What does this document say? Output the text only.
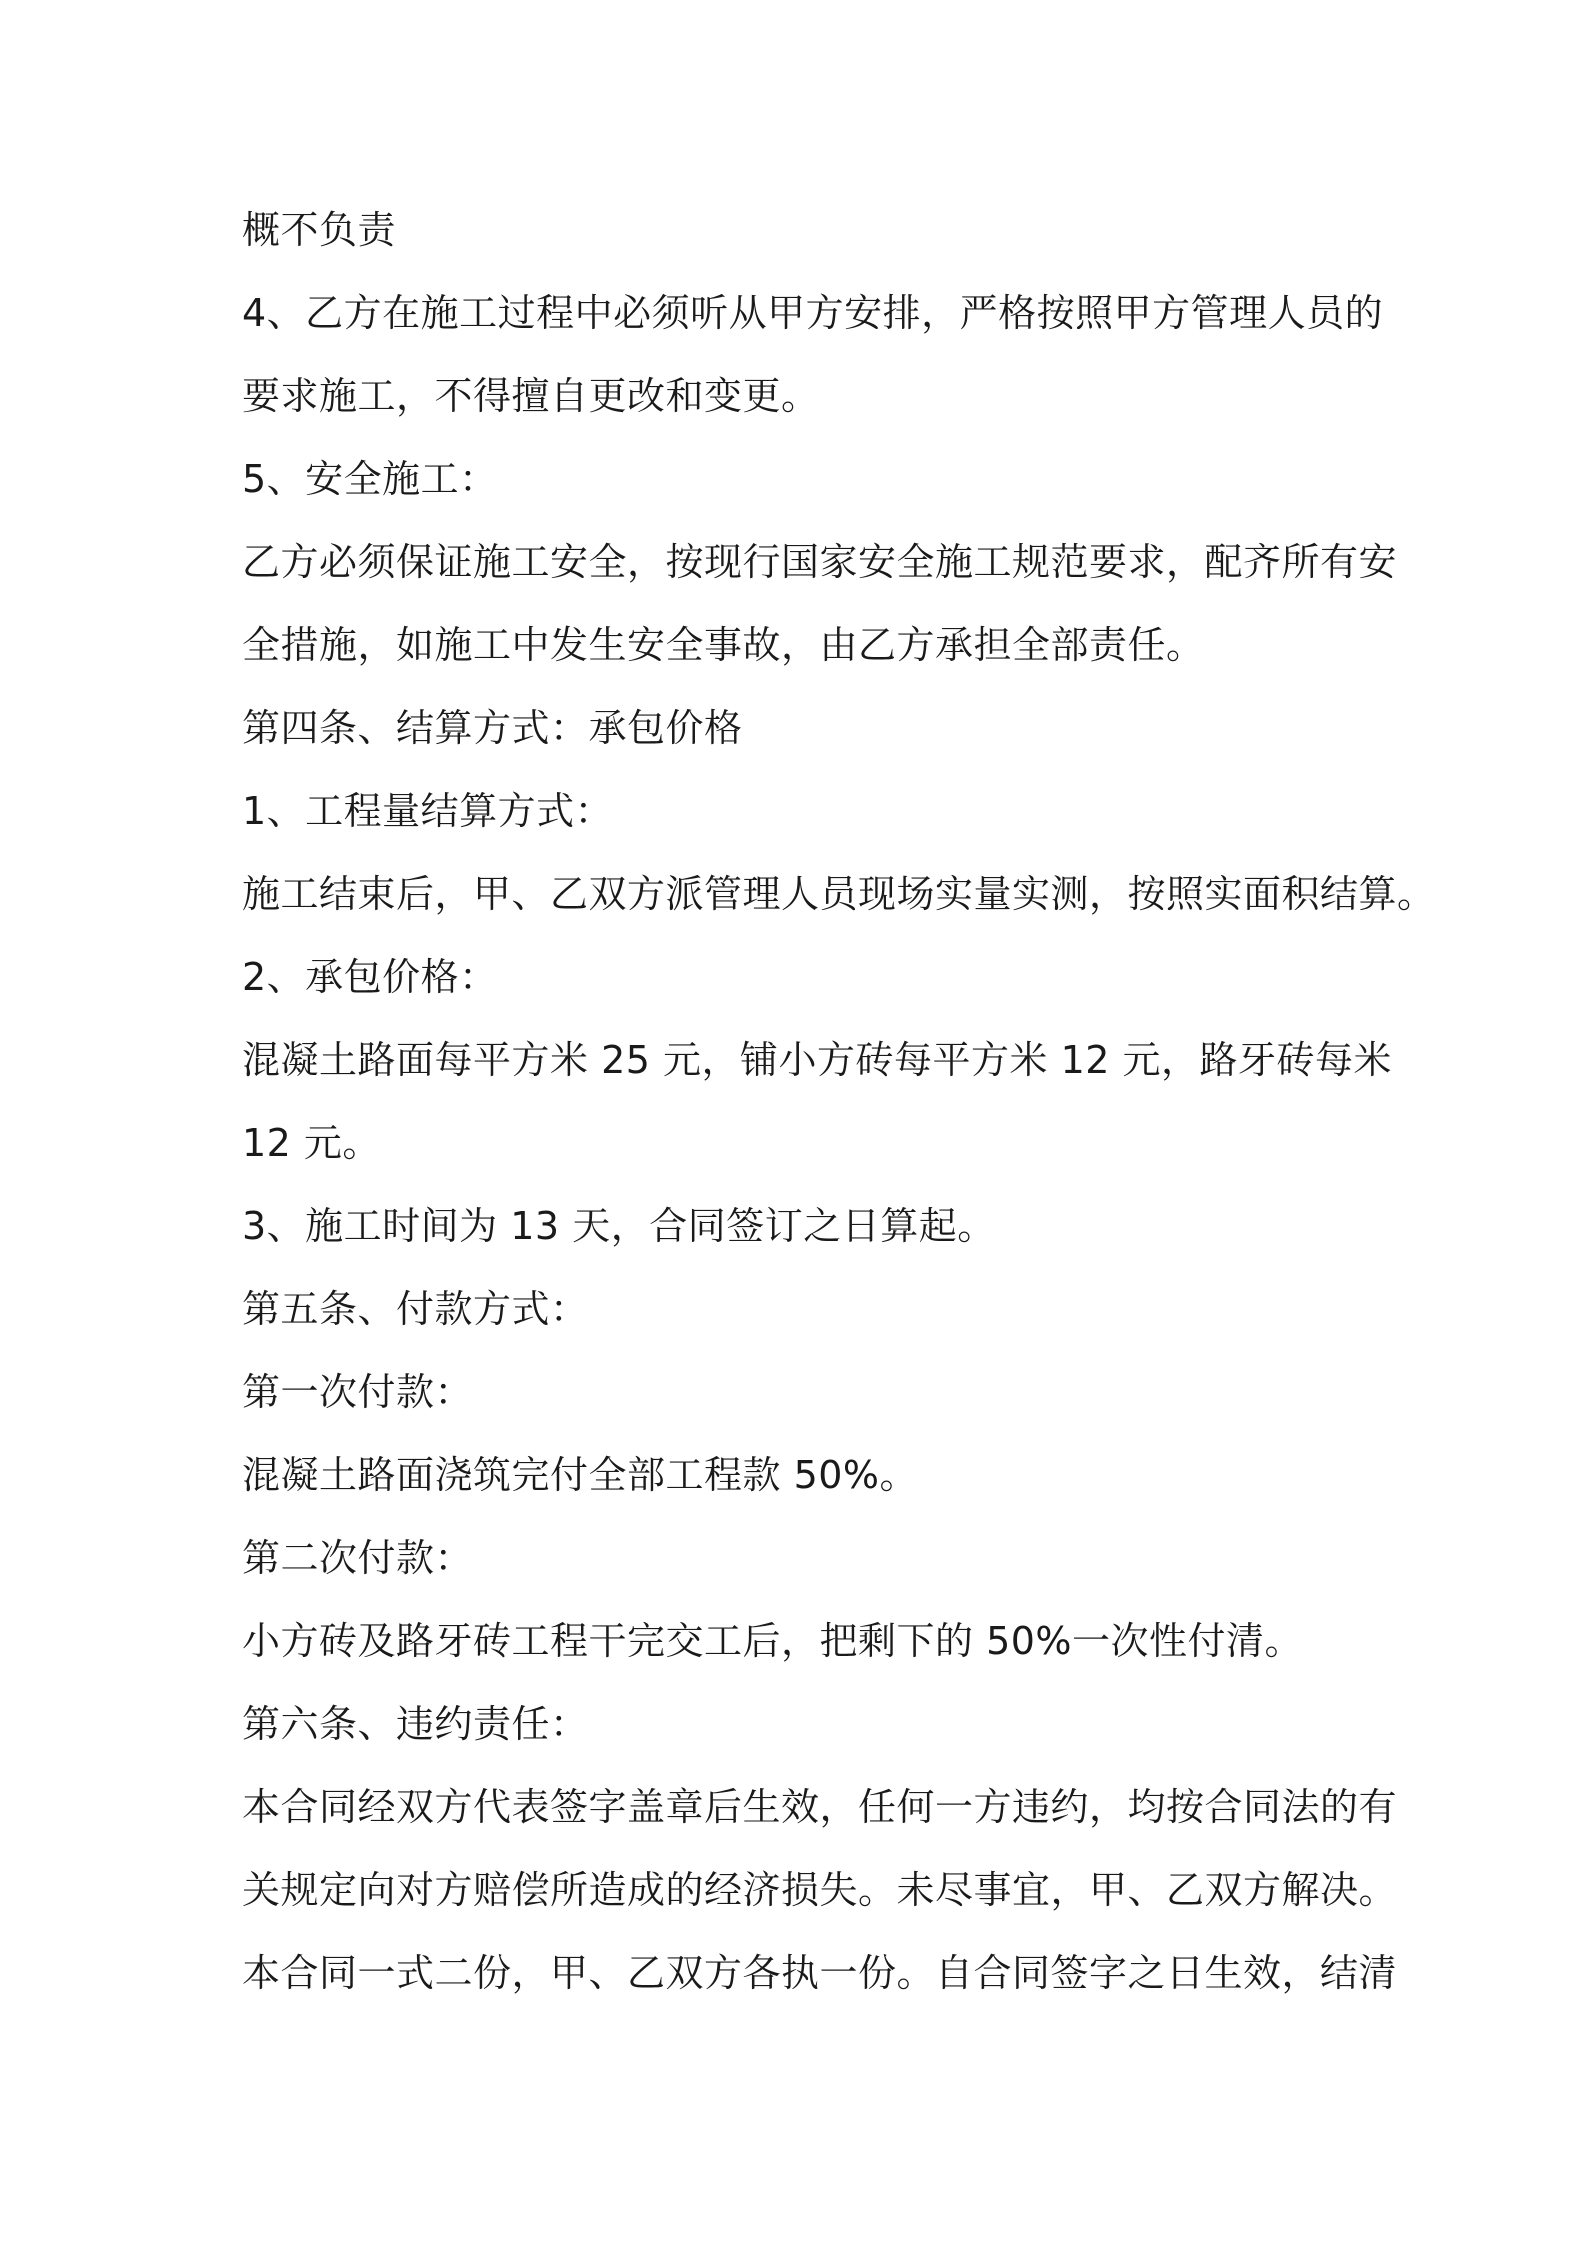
概不负责
4、乙方在施工过程中必须听从甲方安排，严格按照甲方管理人员的
要求施工，不得擅自更改和变更。
5、安全施工：
乙方必须保证施工安全，按现行国家安全施工规范要求，配齐所有安
全措施，如施工中发生安全事故，由乙方承担全部责任。
第四条、结算方式：承包价格
1、工程量结算方式：
施工结束后，甲、乙双方派管理人员现场实量实测，按照实面积结算。
2、承包价格：
混凝土路面每平方米 25 元，铺小方砖每平方米 12 元，路牙砖每米
12 元。
3、施工时间为 13 天，合同签订之日算起。
第五条、付款方式：
第一次付款：
混凝土路面浇筑完付全部工程款 50%。
第二次付款：
小方砖及路牙砖工程干完交工后，把剩下的 50%一次性付清。
第六条、违约责任：
本合同经双方代表签字盖章后生效，任何一方违约，均按合同法的有
关规定向对方赔偿所造成的经济损失。未尽事宜，甲、乙双方解决。
本合同一式二份，甲、乙双方各执一份。自合同签字之日生效，结清
